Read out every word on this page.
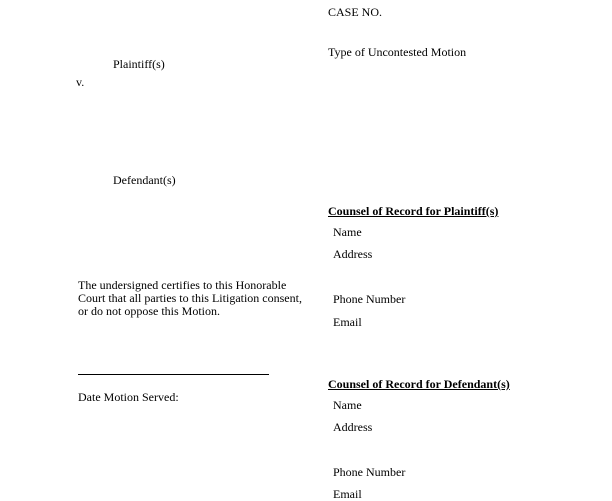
Plaintiff(s)
v.
Defendant(s)
CASE NO.
Type of Uncontested Motion
The undersigned certifies to this Honorable Court that all parties to this Litigation consent, or do not oppose this Motion.
Date Motion Served:
Counsel of Record for Plaintiff(s)
Name
Address
Phone Number
Email
Counsel of Record for Defendant(s)
Name
Address
Phone Number
Email
